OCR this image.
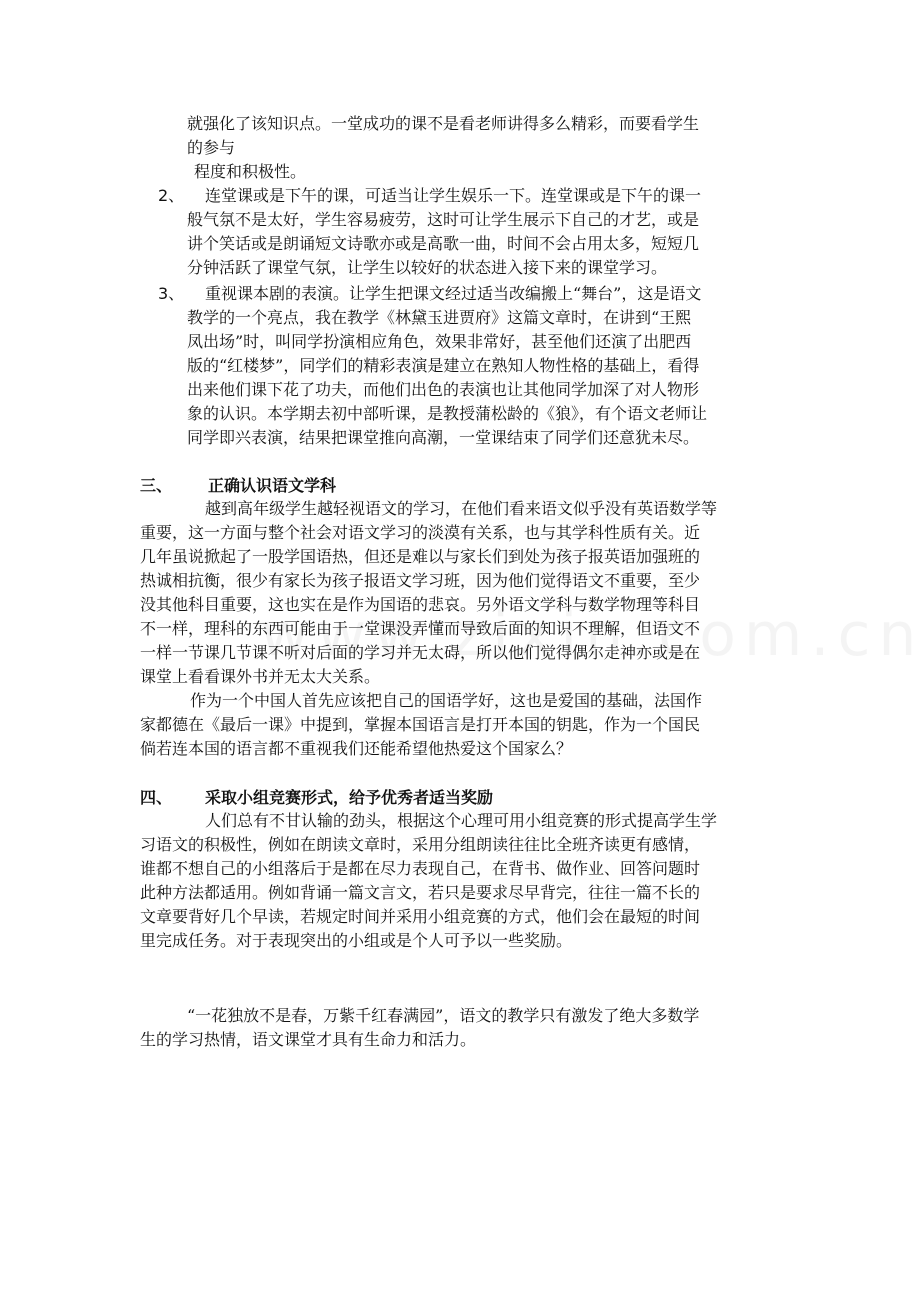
就强化了该知识点。一堂成功的课不是看老师讲得多么精彩，而要看学生
的参与
程度和积极性。
2、 连堂课或是下午的课，可适当让学生娱乐一下。连堂课或是下午的课一
般气氛不是太好，学生容易疲劳，这时可让学生展示下自己的才艺，或是
讲个笑话或是朗诵短文诗歌亦或是高歌一曲，时间不会占用太多，短短几
分钟活跃了课堂气氛，让学生以较好的状态进入接下来的课堂学习。
3、 重视课本剧的表演。让学生把课文经过适当改编搬上“舞台”，这是语文
教学的一个亮点，我在教学《林黛玉进贾府》这篇文章时，在讲到“王熙
凤出场”时，叫同学扮演相应角色，效果非常好，甚至他们还演了出肥西
版的“红楼梦”，同学们的精彩表演是建立在熟知人物性格的基础上，看得
出来他们课下花了功夫，而他们出色的表演也让其他同学加深了对人物形
象的认识。本学期去初中部听课，是教授蒲松龄的《狼》，有个语文老师让
同学即兴表演，结果把课堂推向高潮，一堂课结束了同学们还意犹未尽。
三、 正确认识语文学科
越到高年级学生越轻视语文的学习，在他们看来语文似乎没有英语数学等
重要，这一方面与整个社会对语文学习的淡漠有关系，也与其学科性质有关。近
几年虽说掀起了一股学国语热，但还是难以与家长们到处为孩子报英语加强班的
热诚相抗衡，很少有家长为孩子报语文学习班，因为他们觉得语文不重要，至少
没其他科目重要，这也实在是作为国语的悲哀。另外语文学科与数学物理等科目
不一样，理科的东西可能由于一堂课没弄懂而导致后面的知识不理解，但语文不
一样一节课几节课不听对后面的学习并无太碍，所以他们觉得偶尔走神亦或是在
课堂上看看课外书并无太大关系。
作为一个中国人首先应该把自己的国语学好，这也是爱国的基础，法国作
家都德在《最后一课》中提到，掌握本国语言是打开本国的钥匙，作为一个国民
倘若连本国的语言都不重视我们还能希望他热爱这个国家么？
四、 采取小组竞赛形式，给予优秀者适当奖励
人们总有不甘认输的劲头，根据这个心理可用小组竞赛的形式提高学生学
习语文的积极性，例如在朗读文章时，采用分组朗读往往比全班齐读更有感情，
谁都不想自己的小组落后于是都在尽力表现自己，在背书、做作业、回答问题时
此种方法都适用。例如背诵一篇文言文，若只是要求尽早背完，往往一篇不长的
文章要背好几个早读，若规定时间并采用小组竞赛的方式，他们会在最短的时间
里完成任务。对于表现突出的小组或是个人可予以一些奖励。
“一花独放不是春，万紫千红春满园”，语文的教学只有激发了绝大多数学
生的学习热情，语文课堂才具有生命力和活力。
